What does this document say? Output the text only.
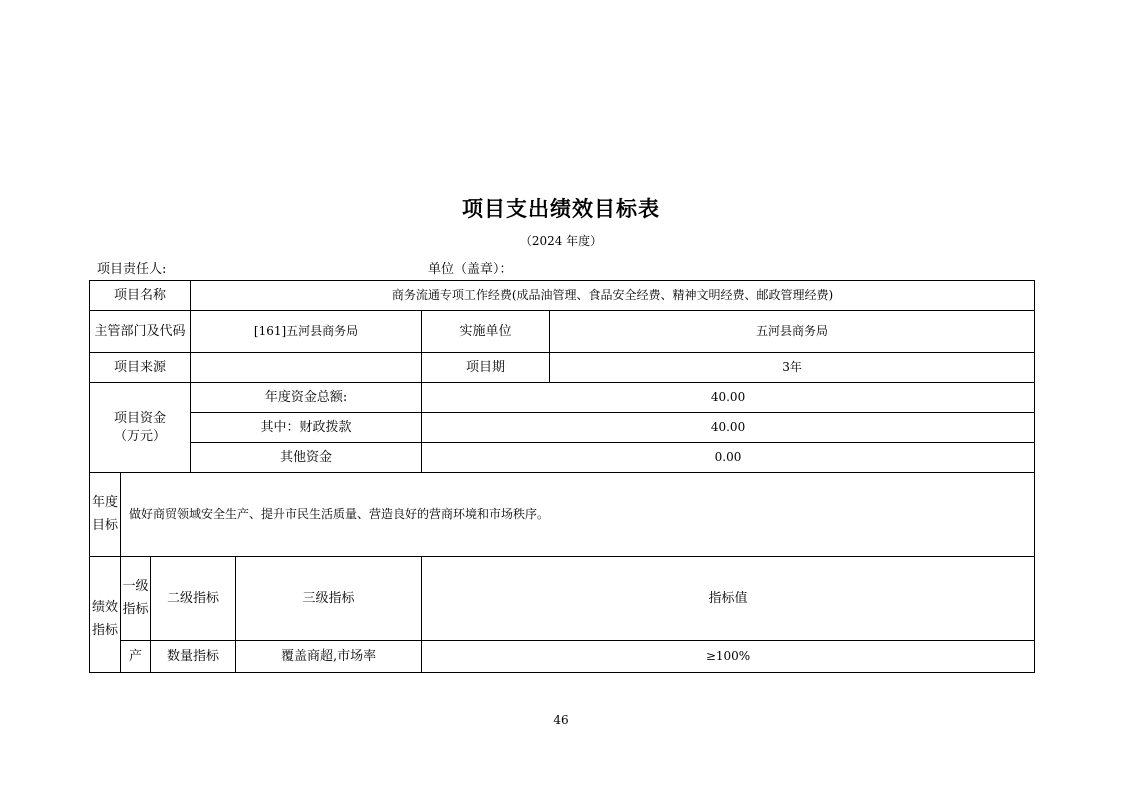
项目支出绩效目标表
（2024 年度）
项目责任人:	单位（盖章）：
项目名称			商务流通专项工作经费(成品油管理、食品安全经费、精神文明经费、邮政管理经费)			
主管部门及代码			[161]五河县商务局		实施单位	五河县商务局
项目来源					项目期	3年
项目资金（万元）			年度资金总额:		40.00	
			其中：财政拨款		40.00	
			其他资金		0.00	
年度目标	做好商贸领域安全生产、提升市民生活质量、营造良好的营商环境和市场秩序。					
绩效指标	一级指标	二级指标		三级指标	指标值	
	产	数量指标		覆盖商超,市场率	≥100%	
46
